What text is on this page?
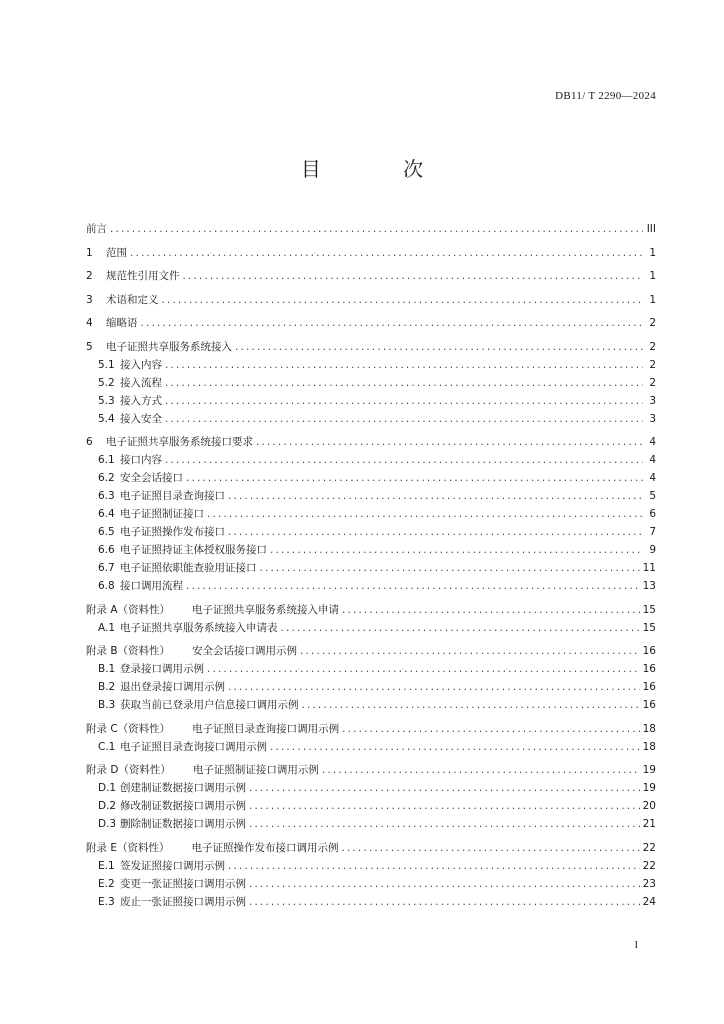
DB11/ T 2290—2024
目 次
前言 . . .	III
1	范围 . . .	1
2	规范性引用文件 . . .	1
3	术语和定义 . . .	1
4	缩略语 . . .	2
5	电子证照共享服务系统接入 . . .	2
5.1 接入内容 . . .	2
5.2 接入流程 . . .	2
5.3 接入方式 . . .	3
5.4 接入安全 . . .	3
6	电子证照共享服务系统接口要求 . . .	4
6.1 接口内容 . . .	4
6.2 安全会话接口 . . .	4
6.3 电子证照目录查询接口 . . .	5
6.4 电子证照制证接口 . . .	6
6.5 电子证照操作发布接口 . . .	7
6.6 电子证照持证主体授权服务接口 . . .	9
6.7 电子证照依职能查验用证接口 . . .	11
6.8 接口调用流程 . . .	13
附录 A（资料性） 电子证照共享服务系统接入申请 . . .	15
A.1 电子证照共享服务系统接入申请表 . . .	15
附录 B（资料性） 安全会话接口调用示例 . . .	16
B.1 登录接口调用示例 . . .	16
B.2 退出登录接口调用示例 . . .	16
B.3 获取当前已登录用户信息接口调用示例 . . .	16
附录 C（资料性） 电子证照目录查询接口调用示例 . . .	18
C.1 电子证照目录查询接口调用示例 . . .	18
附录 D（资料性） 电子证照制证接口调用示例 . . .	19
D.1 创建制证数据接口调用示例 . . .	19
D.2 修改制证数据接口调用示例 . . .	20
D.3 删除制证数据接口调用示例 . . .	21
附录 E（资料性） 电子证照操作发布接口调用示例 . . .	22
E.1 签发证照接口调用示例 . . .	22
E.2 变更一张证照接口调用示例 . . .	23
E.3 废止一张证照接口调用示例 . . .	24
I
